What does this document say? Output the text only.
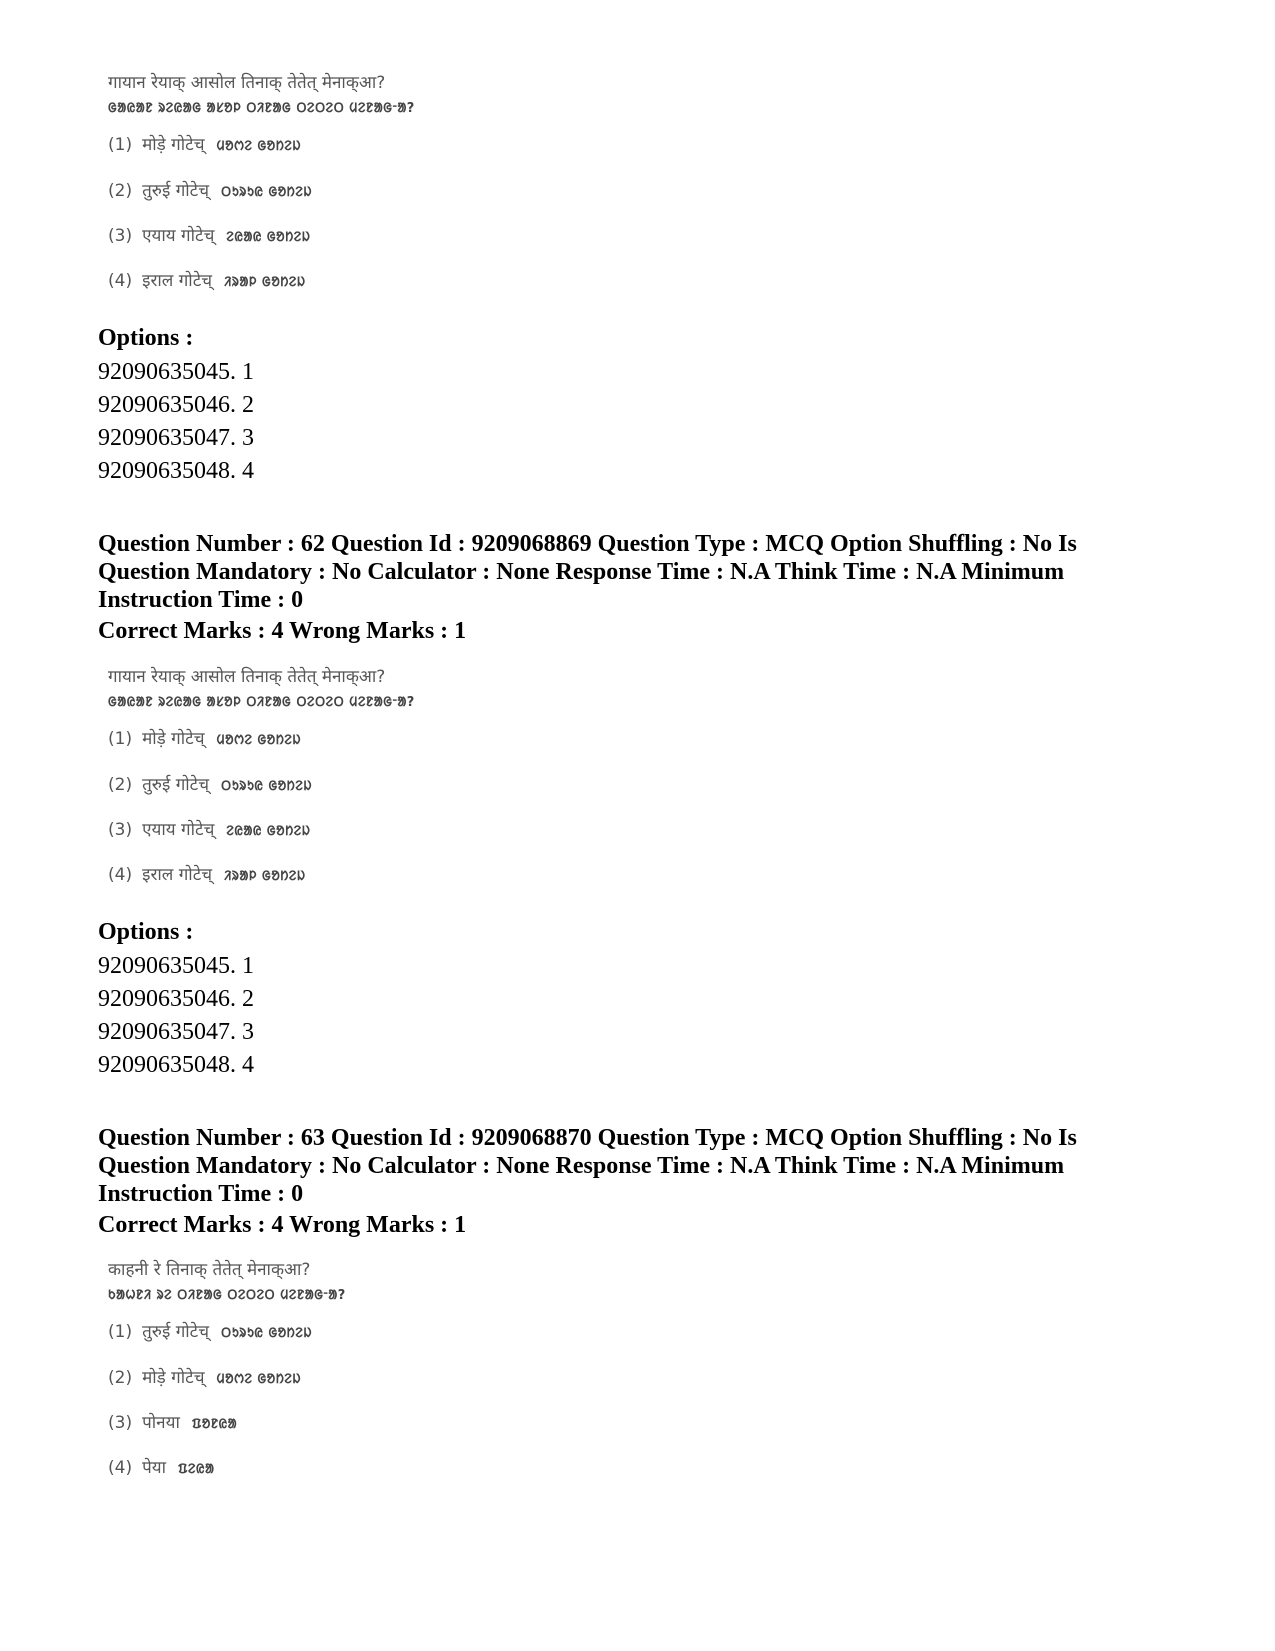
गायान रेयाक् आसोल तिनाक् तेतेत् मेनाक्आ?
ᱜᱟᱭᱟᱱ ᱨᱮᱭᱟᱜ ᱟᱥᱚᱞ ᱛᱤᱱᱟᱜ ᱛᱮᱛᱮᱛ ᱢᱮᱱᱟᱜᱼᱟ?
(1) मोड़े गोटेच् ᱢᱚᱬᱮ ᱜᱚᱴᱮᱡ
(2) तुरुई गोटेच् ᱛᱩᱨᱩᱭ ᱜᱚᱴᱮᱡ
(3) एयाय गोटेच् ᱮᱭᱟᱭ ᱜᱚᱴᱮᱡ
(4) इराल गोटेच् ᱤᱨᱟᱞ ᱜᱚᱴᱮᱡ
Options :
92090635045. 1
92090635046. 2
92090635047. 3
92090635048. 4
Question Number : 62 Question Id : 9209068869 Question Type : MCQ Option Shuffling : No Is
Question Mandatory : No Calculator : None Response Time : N.A Think Time : N.A Minimum
Instruction Time : 0
Correct Marks : 4 Wrong Marks : 1
गायान रेयाक् आसोल तिनाक् तेतेत् मेनाक्आ?
ᱜᱟᱭᱟᱱ ᱨᱮᱭᱟᱜ ᱟᱥᱚᱞ ᱛᱤᱱᱟᱜ ᱛᱮᱛᱮᱛ ᱢᱮᱱᱟᱜᱼᱟ?
(1) मोड़े गोटेच् ᱢᱚᱬᱮ ᱜᱚᱴᱮᱡ
(2) तुरुई गोटेच् ᱛᱩᱨᱩᱭ ᱜᱚᱴᱮᱡ
(3) एयाय गोटेच् ᱮᱭᱟᱭ ᱜᱚᱴᱮᱡ
(4) इराल गोटेच् ᱤᱨᱟᱞ ᱜᱚᱴᱮᱡ
Options :
92090635045. 1
92090635046. 2
92090635047. 3
92090635048. 4
Question Number : 63 Question Id : 9209068870 Question Type : MCQ Option Shuffling : No Is
Question Mandatory : No Calculator : None Response Time : N.A Think Time : N.A Minimum
Instruction Time : 0
Correct Marks : 4 Wrong Marks : 1
काहनी रे तिनाक् तेतेत् मेनाक्आ?
ᱠᱟᱦᱱᱤ ᱨᱮ ᱛᱤᱱᱟᱜ ᱛᱮᱛᱮᱛ ᱢᱮᱱᱟᱜᱼᱟ?
(1) तुरुई गोटेच् ᱛᱩᱨᱩᱭ ᱜᱚᱴᱮᱡ
(2) मोड़े गोटेच् ᱢᱚᱬᱮ ᱜᱚᱴᱮᱡ
(3) पोनया ᱯᱚᱱᱭᱟ
(4) पेया ᱯᱮᱭᱟ
